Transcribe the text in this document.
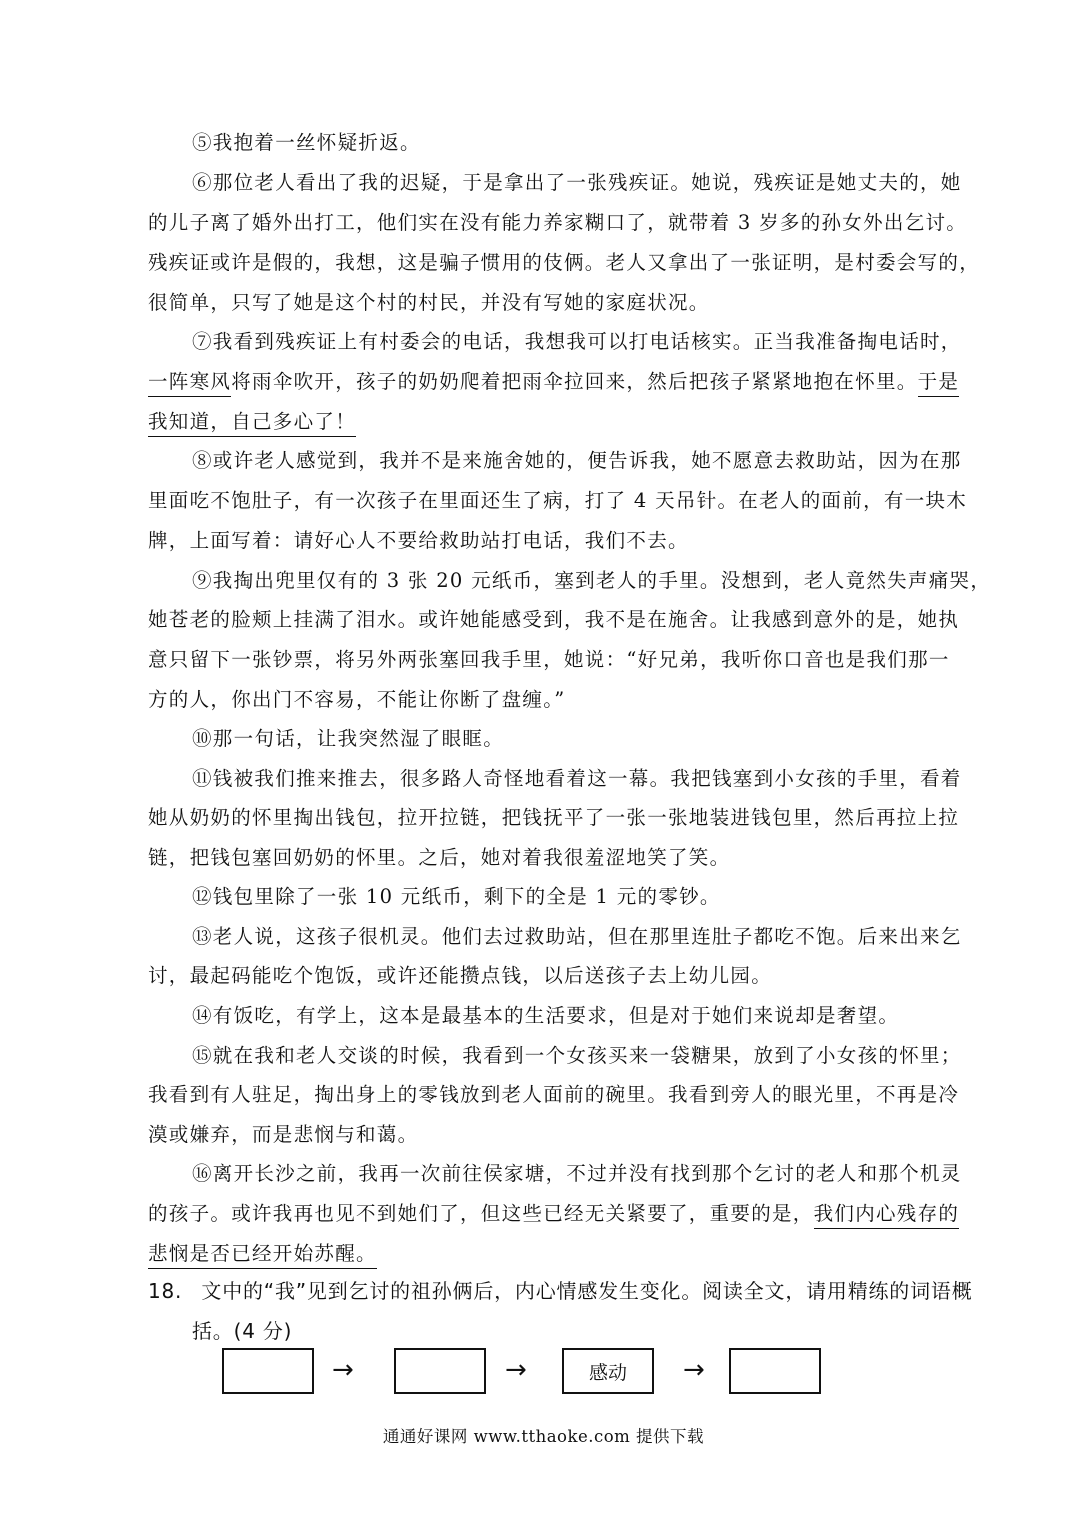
⑤我抱着一丝怀疑折返。
⑥那位老人看出了我的迟疑，于是拿出了一张残疾证。她说，残疾证是她丈夫的，她
的儿子离了婚外出打工，他们实在没有能力养家糊口了，就带着 3 岁多的孙女外出乞讨。
残疾证或许是假的，我想，这是骗子惯用的伎俩。老人又拿出了一张证明，是村委会写的，
很简单，只写了她是这个村的村民，并没有写她的家庭状况。
⑦我看到残疾证上有村委会的电话，我想我可以打电话核实。正当我准备掏电话时，
一阵寒风将雨伞吹开，孩子的奶奶爬着把雨伞拉回来，然后把孩子紧紧地抱在怀里。于是
我知道，自己多心了！
⑧或许老人感觉到，我并不是来施舍她的，便告诉我，她不愿意去救助站，因为在那
里面吃不饱肚子，有一次孩子在里面还生了病，打了 4 天吊针。在老人的面前，有一块木
牌，上面写着：请好心人不要给救助站打电话，我们不去。
⑨我掏出兜里仅有的 3 张 20 元纸币，塞到老人的手里。没想到，老人竟然失声痛哭，
她苍老的脸颊上挂满了泪水。或许她能感受到，我不是在施舍。让我感到意外的是，她执
意只留下一张钞票，将另外两张塞回我手里，她说：“好兄弟，我听你口音也是我们那一
方的人，你出门不容易，不能让你断了盘缠。”
⑩那一句话，让我突然湿了眼眶。
⑪钱被我们推来推去，很多路人奇怪地看着这一幕。我把钱塞到小女孩的手里，看着
她从奶奶的怀里掏出钱包，拉开拉链，把钱抚平了一张一张地装进钱包里，然后再拉上拉
链，把钱包塞回奶奶的怀里。之后，她对着我很羞涩地笑了笑。
⑫钱包里除了一张 10 元纸币，剩下的全是 1 元的零钞。
⑬老人说，这孩子很机灵。他们去过救助站，但在那里连肚子都吃不饱。后来出来乞
讨，最起码能吃个饱饭，或许还能攒点钱，以后送孩子去上幼儿园。
⑭有饭吃，有学上，这本是最基本的生活要求，但是对于她们来说却是奢望。
⑮就在我和老人交谈的时候，我看到一个女孩买来一袋糖果，放到了小女孩的怀里；
我看到有人驻足，掏出身上的零钱放到老人面前的碗里。我看到旁人的眼光里，不再是冷
漠或嫌弃，而是悲悯与和蔼。
⑯离开长沙之前，我再一次前往侯家塘，不过并没有找到那个乞讨的老人和那个机灵
的孩子。或许我再也见不到她们了，但这些已经无关紧要了，重要的是，我们内心残存的
悲悯是否已经开始苏醒。
18. 文中的“我”见到乞讨的祖孙俩后，内心情感发生变化。阅读全文，请用精练的词语概
括。(4 分)
→	→	感动	→
通通好课网 www.tthaoke.com 提供下载
